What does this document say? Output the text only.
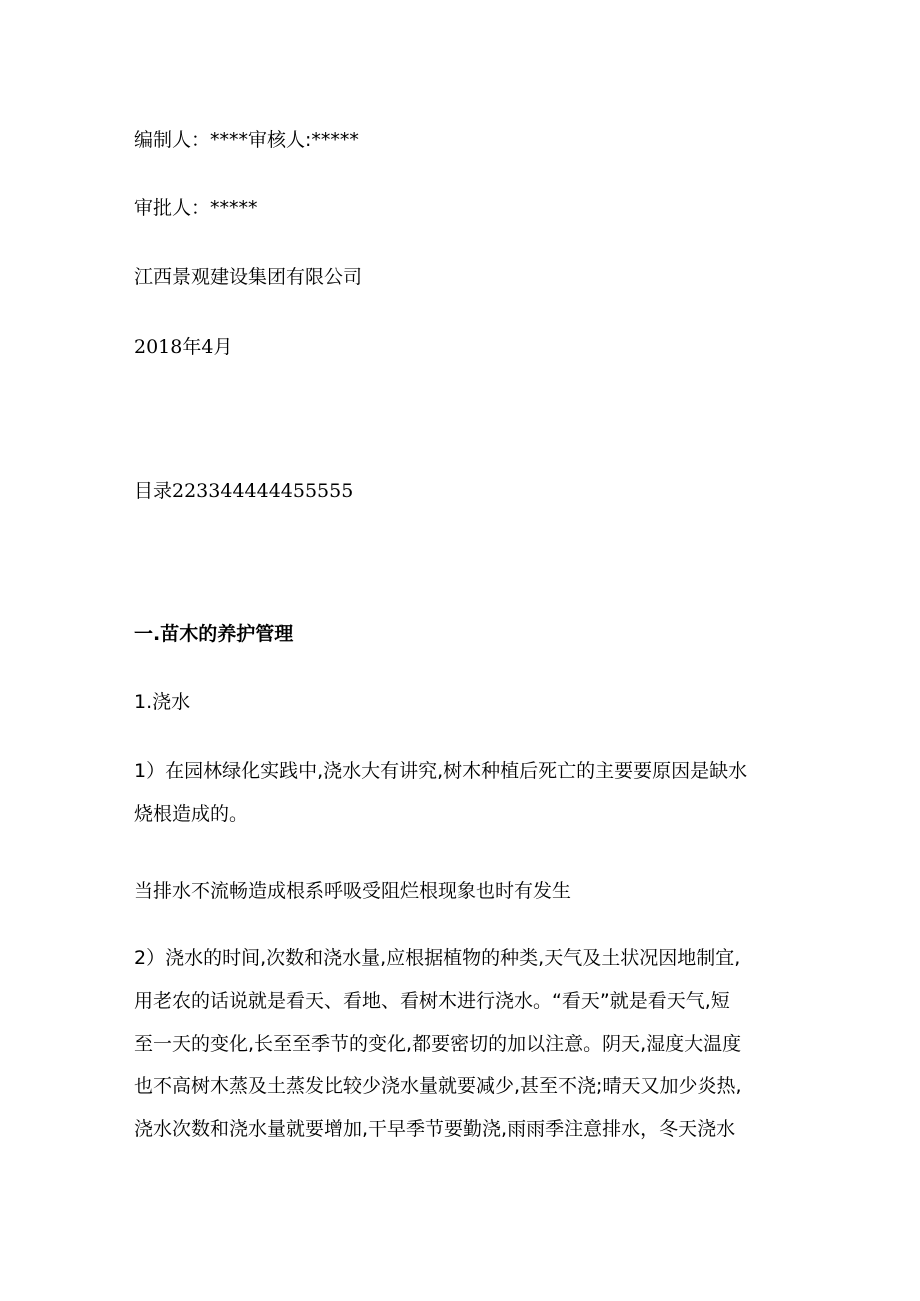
编制人：****审核人:*****
审批人：*****
江西景观建设集团有限公司
2018年4月
目录223344444455555
一.苗木的养护管理
1.浇水
1）在园林绿化实践中,浇水大有讲究,树木种植后死亡的主要要原因是缺水
烧根造成的。
当排水不流畅造成根系呼吸受阻烂根现象也时有发生
2）浇水的时间,次数和浇水量,应根据植物的种类,天气及土状况因地制宜,
用老农的话说就是看天、看地、看树木进行浇水。“看天”就是看天气,短
至一天的变化,长至至季节的变化,都要密切的加以注意。阴天,湿度大温度
也不高树木蒸及土蒸发比较少浇水量就要减少,甚至不浇;晴天又加少炎热,
浇水次数和浇水量就要增加,干早季节要勤浇,雨雨季注意排水，冬天浇水
